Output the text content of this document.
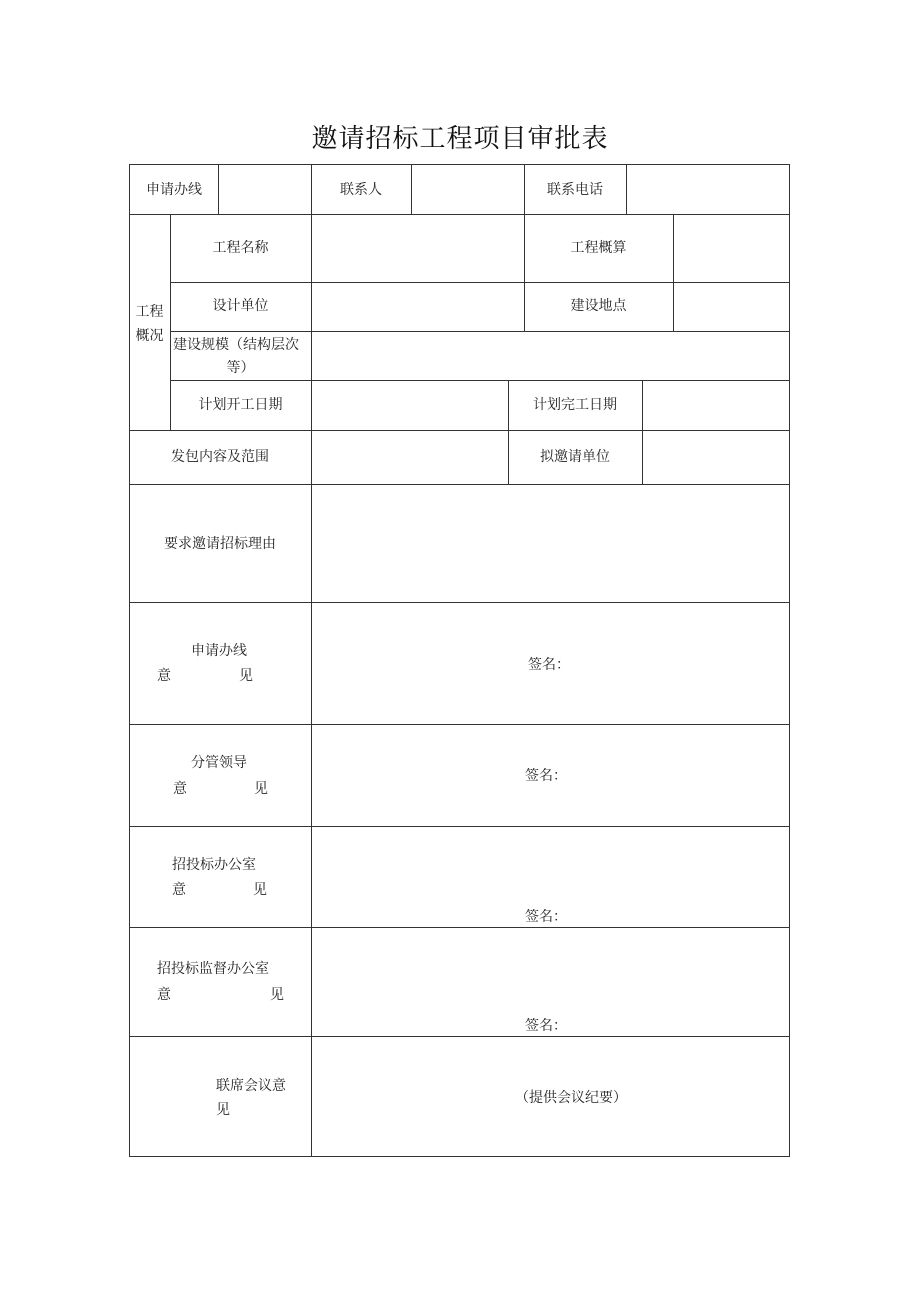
邀请招标工程项目审批表
申请办线	联系人	联系电话
工程
概况
工程名称	工程概算
设计单位	建设地点
建设规模（结构层次
等）
计划开工日期	计划完工日期
发包内容及范围	拟邀请单位
要求邀请招标理由
申请办线
意	见
签名：
分管领导
意	见
签名：
招投标办公室
意	见
签名：
招投标监督办公室
意	见
签名：
联席会议意
见
（提供会议纪要）
